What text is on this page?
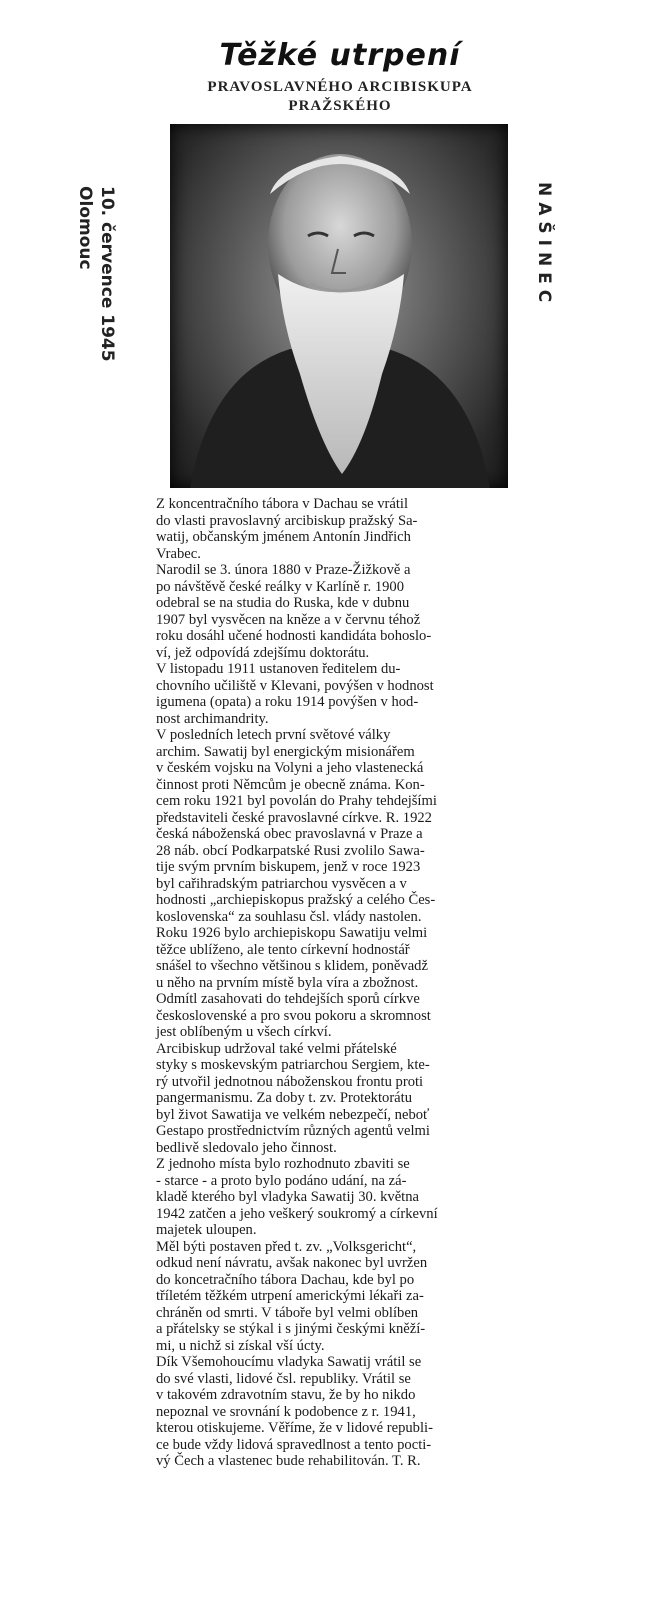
Těžké utrpení
PRAVOSLAVNÉHO ARCIBISKUPA
PRAŽSKÉHO
10. července 1945
Olomouc	NAŠINEC

Z koncentračního tábora v Dachau se vrátil
do vlasti pravoslavný arcibiskup pražský Sa-
watij, občanským jménem Antonín Jindřich
Vrabec.

Narodil se 3. února 1880 v Praze-Žižkově a
po návštěvě české reálky v Karlíně r. 1900
odebral se na studia do Ruska, kde v dubnu
1907 byl vysvěcen na kněze a v červnu téhož
roku dosáhl učené hodnosti kandidáta bohoslo-
ví, jež odpovídá zdejšímu doktorátu.

V listopadu 1911 ustanoven ředitelem du-
chovního učiliště v Klevani, povýšen v hodnost
igumena (opata) a roku 1914 povýšen v hod-
nost archimandrity.

V posledních letech první světové války
archim. Sawatij byl energickým misionářem
v českém vojsku na Volyni a jeho vlastenecká
činnost proti Němcům je obecně známa. Kon-
cem roku 1921 byl povolán do Prahy tehdejšími
představiteli české pravoslavné církve. R. 1922
česká náboženská obec pravoslavná v Praze a
28 náb. obcí Podkarpatské Rusi zvolilo Sawa-
tije svým prvním biskupem, jenž v roce 1923
byl cařihradským patriarchou vysvěcen a v
hodnosti „archiepiskopus pražský a celého Čes-
koslovenska“ za souhlasu čsl. vlády nastolen.
Roku 1926 bylo archiepiskopu Sawatiju velmi
těžce ublíženo, ale tento církevní hodnostář
snášel to všechno většinou s klidem, poněvadž
u něho na prvním místě byla víra a zbožnost.
Odmítl zasahovati do tehdejších sporů církve
československé a pro svou pokoru a skromnost
jest oblíbeným u všech církví.

Arcibiskup udržoval také velmi přátelské
styky s moskevským patriarchou Sergiem, kte-
rý utvořil jednotnou náboženskou frontu proti
pangermanismu. Za doby t. zv. Protektorátu
byl život Sawatija ve velkém nebezpečí, neboť
Gestapo prostřednictvím různých agentů velmi
bedlivě sledovalo jeho činnost.

Z jednoho místa bylo rozhodnuto zbaviti se
- starce - a proto bylo podáno udání, na zá-
kladě kterého byl vladyka Sawatij 30. května
1942 zatčen a jeho veškerý soukromý a církevní
majetek uloupen.

Měl býti postaven před t. zv. „Volksgericht“,
odkud není návratu, avšak nakonec byl uvržen
do koncetračního tábora Dachau, kde byl po
tříletém těžkém utrpení americkými lékaři za-
chráněn od smrti. V táboře byl velmi oblíben
a přátelsky se stýkal i s jinými českými kněží-
mi, u nichž si získal vší úcty.

Dík Všemohoucímu vladyka Sawatij vrátil se
do své vlasti, lidové čsl. republiky. Vrátil se
v takovém zdravotním stavu, že by ho nikdo
nepoznal ve srovnání k podobence z r. 1941,
kterou otiskujeme. Věříme, že v lidové republi-
ce bude vždy lidová spravedlnost a tento pocti-
vý Čech a vlastenec bude rehabilitován. T. R.
